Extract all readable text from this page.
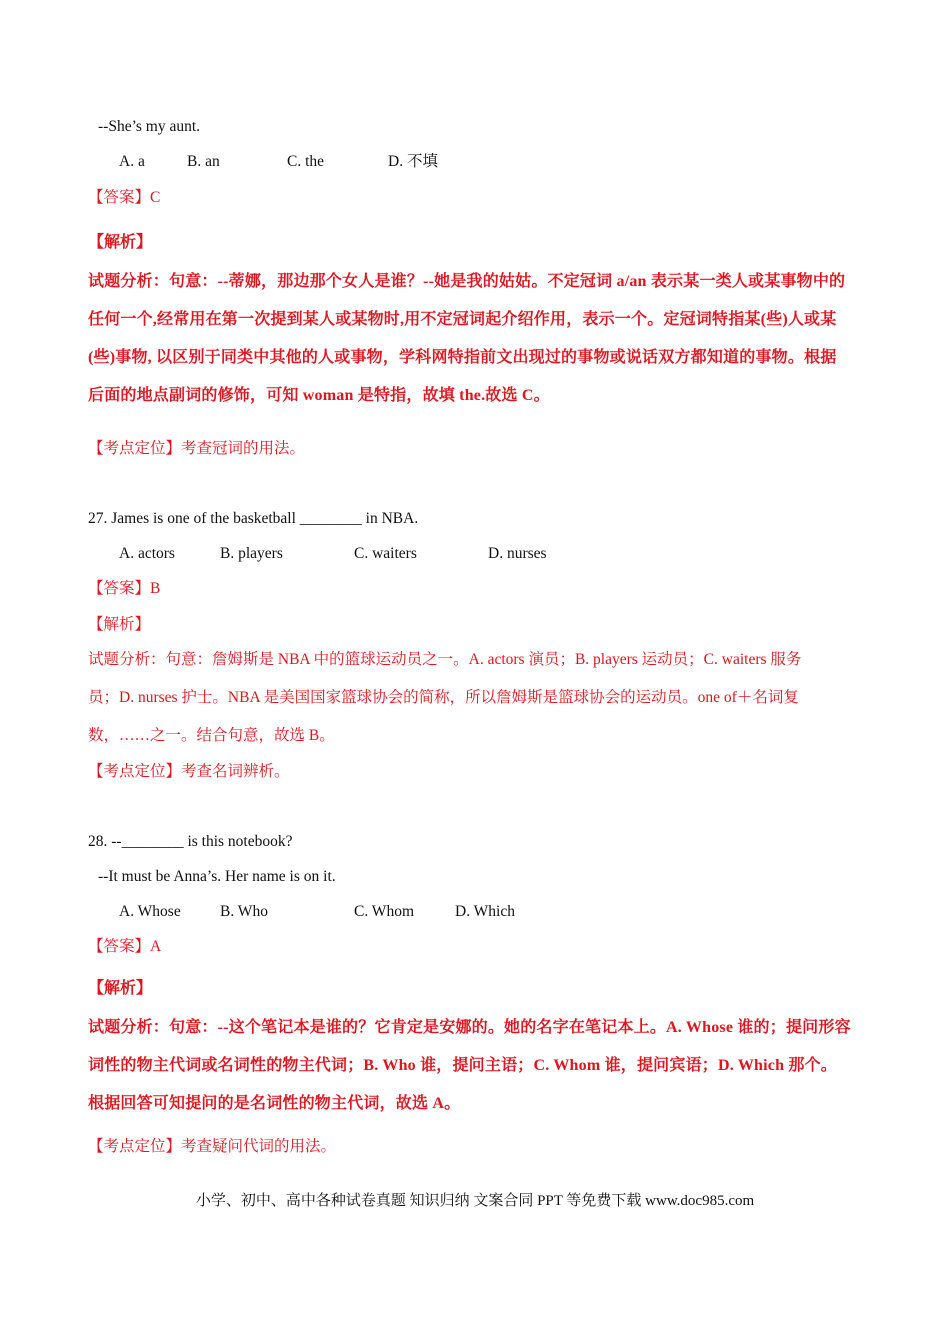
--She’s my aunt.
A. a	B. an	C. the	D. 不填
【答案】C
【解析】
试题分析：句意：--蒂娜，那边那个女人是谁？--她是我的姑姑。不定冠词 a/an 表示某一类人或某事物中的
任何一个,经常用在第一次提到某人或某物时,用不定冠词起介绍作用，表示一个。定冠词特指某(些)人或某
(些)事物, 以区别于同类中其他的人或事物，学科网特指前文出现过的事物或说话双方都知道的事物。根据
后面的地点副词的修饰，可知 woman 是特指，故填 the.故选 C。
【考点定位】考查冠词的用法。
27. James is one of the basketball ________ in NBA.
A. actors	B. players	C. waiters	D. nurses
【答案】B
【解析】
试题分析：句意：詹姆斯是 NBA 中的篮球运动员之一。A. actors 演员；B. players 运动员；C. waiters 服务
员；D. nurses 护士。NBA 是美国国家篮球协会的简称，所以詹姆斯是篮球协会的运动员。one of＋名词复
数，……之一。结合句意，故选 B。
【考点定位】考查名词辨析。
28. --________ is this notebook?
--It must be Anna’s. Her name is on it.
A. Whose	B. Who	C. Whom	D. Which
【答案】A
【解析】
试题分析：句意：--这个笔记本是谁的？它肯定是安娜的。她的名字在笔记本上。A. Whose 谁的；提问形容
词性的物主代词或名词性的物主代词；B. Who 谁，提问主语；C. Whom 谁，提问宾语；D. Which 那个。
根据回答可知提问的是名词性的物主代词，故选 A。
【考点定位】考查疑问代词的用法。
小学、初中、高中各种试卷真题 知识归纳 文案合同 PPT 等免费下载 www.doc985.com
